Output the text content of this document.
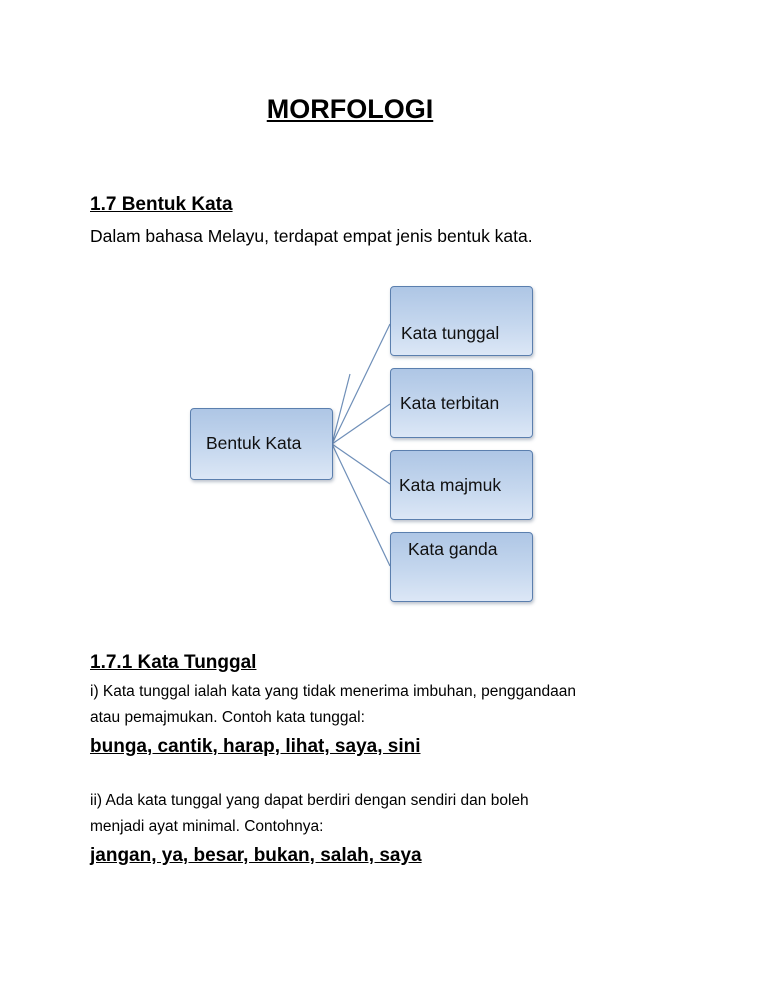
MORFOLOGI
1.7 Bentuk Kata
Dalam bahasa Melayu, terdapat empat jenis bentuk kata.
Bentuk Kata
Kata tunggal
Kata terbitan
Kata majmuk
Kata ganda
1.7.1 Kata Tunggal
i) Kata tunggal ialah kata yang tidak menerima imbuhan, penggandaan
atau pemajmukan. Contoh kata tunggal:
bunga, cantik, harap, lihat, saya, sini
ii) Ada kata tunggal yang dapat berdiri dengan sendiri dan boleh
menjadi ayat minimal. Contohnya:
jangan, ya, besar, bukan, salah, saya
